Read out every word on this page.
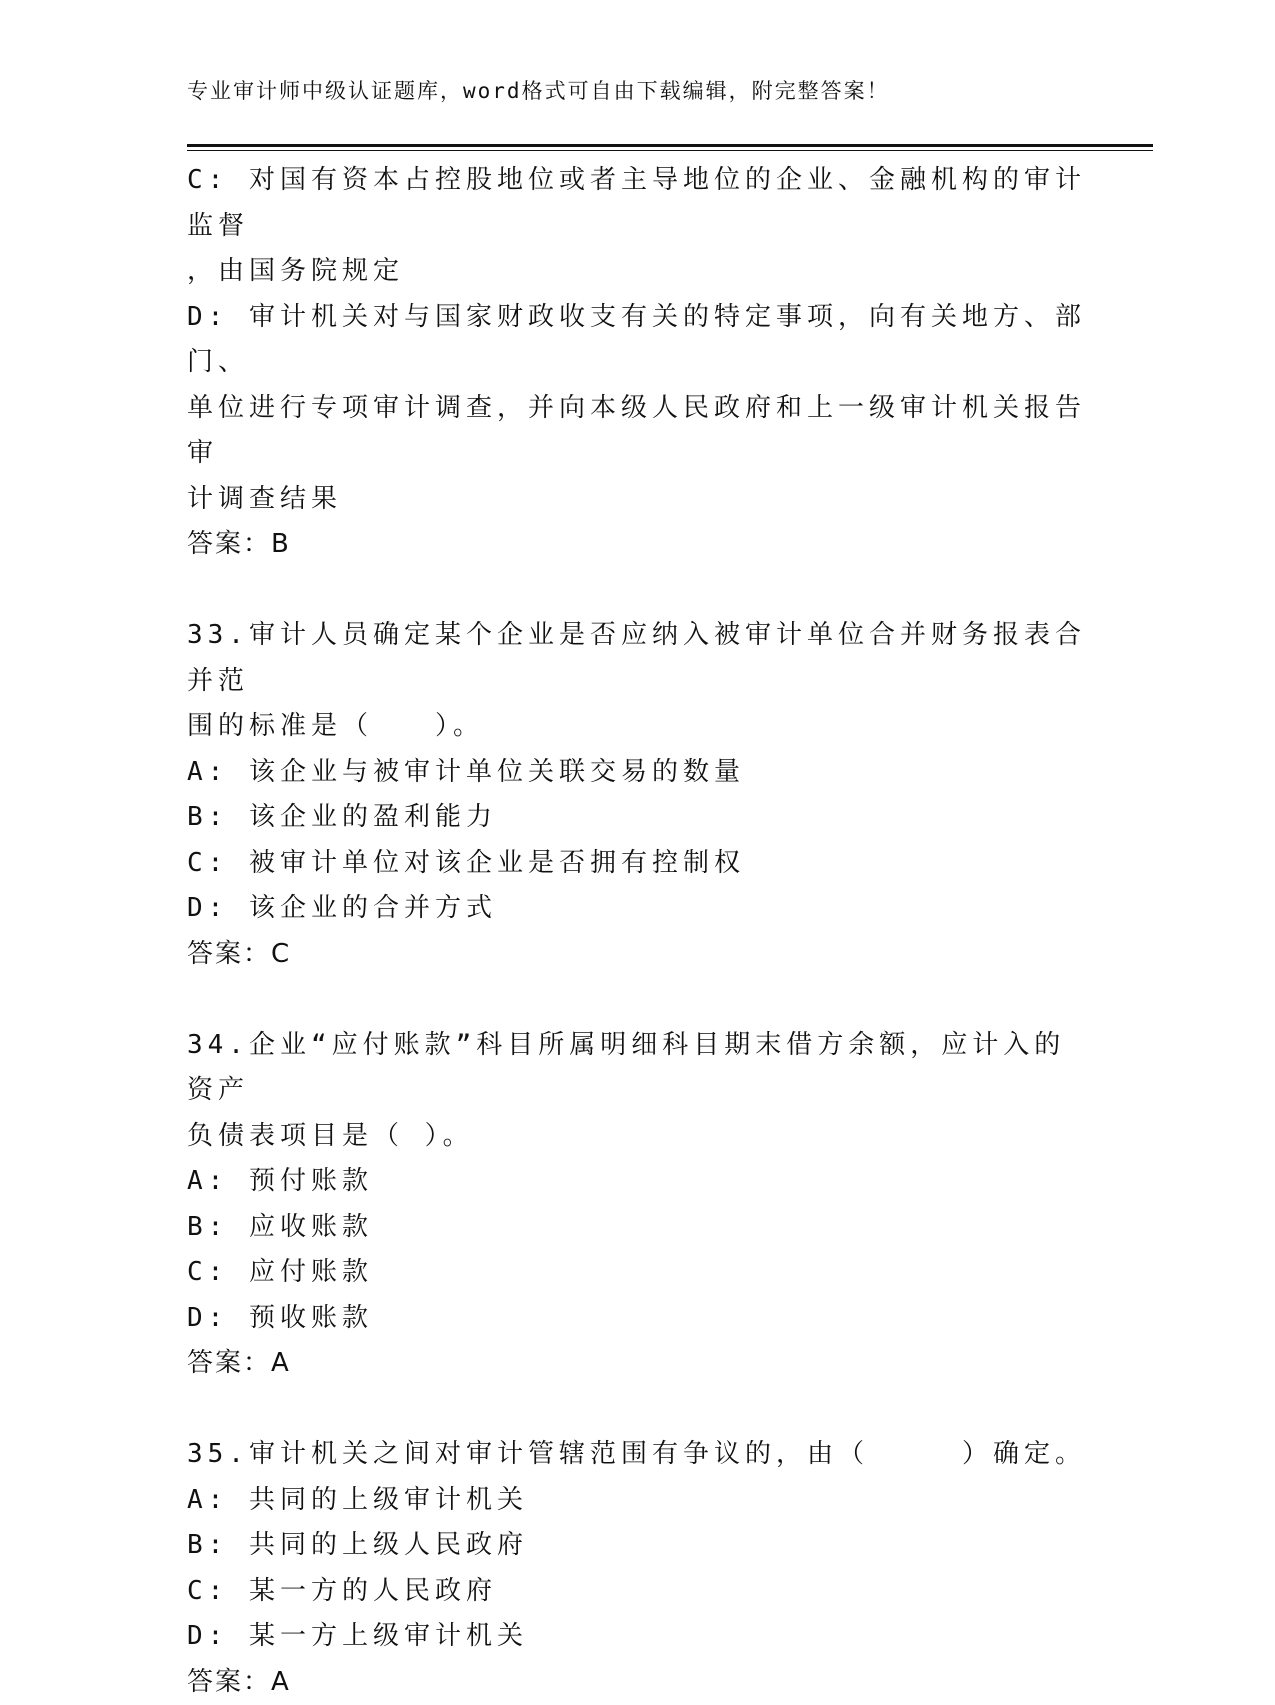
专业审计师中级认证题库，word格式可自由下载编辑，附完整答案！

C: 对国有资本占控股地位或者主导地位的企业、金融机构的审计监督

，由国务院规定

D: 审计机关对与国家财政收支有关的特定事项，向有关地方、部门、

单位进行专项审计调查，并向本级人民政府和上一级审计机关报告审

计调查结果

答案：B

33.审计人员确定某个企业是否应纳入被审计单位合并财务报表合并范

围的标准是（　　）。

A: 该企业与被审计单位关联交易的数量

B: 该企业的盈利能力

C: 被审计单位对该企业是否拥有控制权

D: 该企业的合并方式

答案：C

34.企业“应付账款”科目所属明细科目期末借方余额，应计入的资产

负债表项目是（ ）。

A: 预付账款

B: 应收账款

C: 应付账款

D: 预收账款

答案：A

35.审计机关之间对审计管辖范围有争议的，由（　　　）确定。

A: 共同的上级审计机关

B: 共同的上级人民政府

C: 某一方的人民政府

D: 某一方上级审计机关

答案：A
